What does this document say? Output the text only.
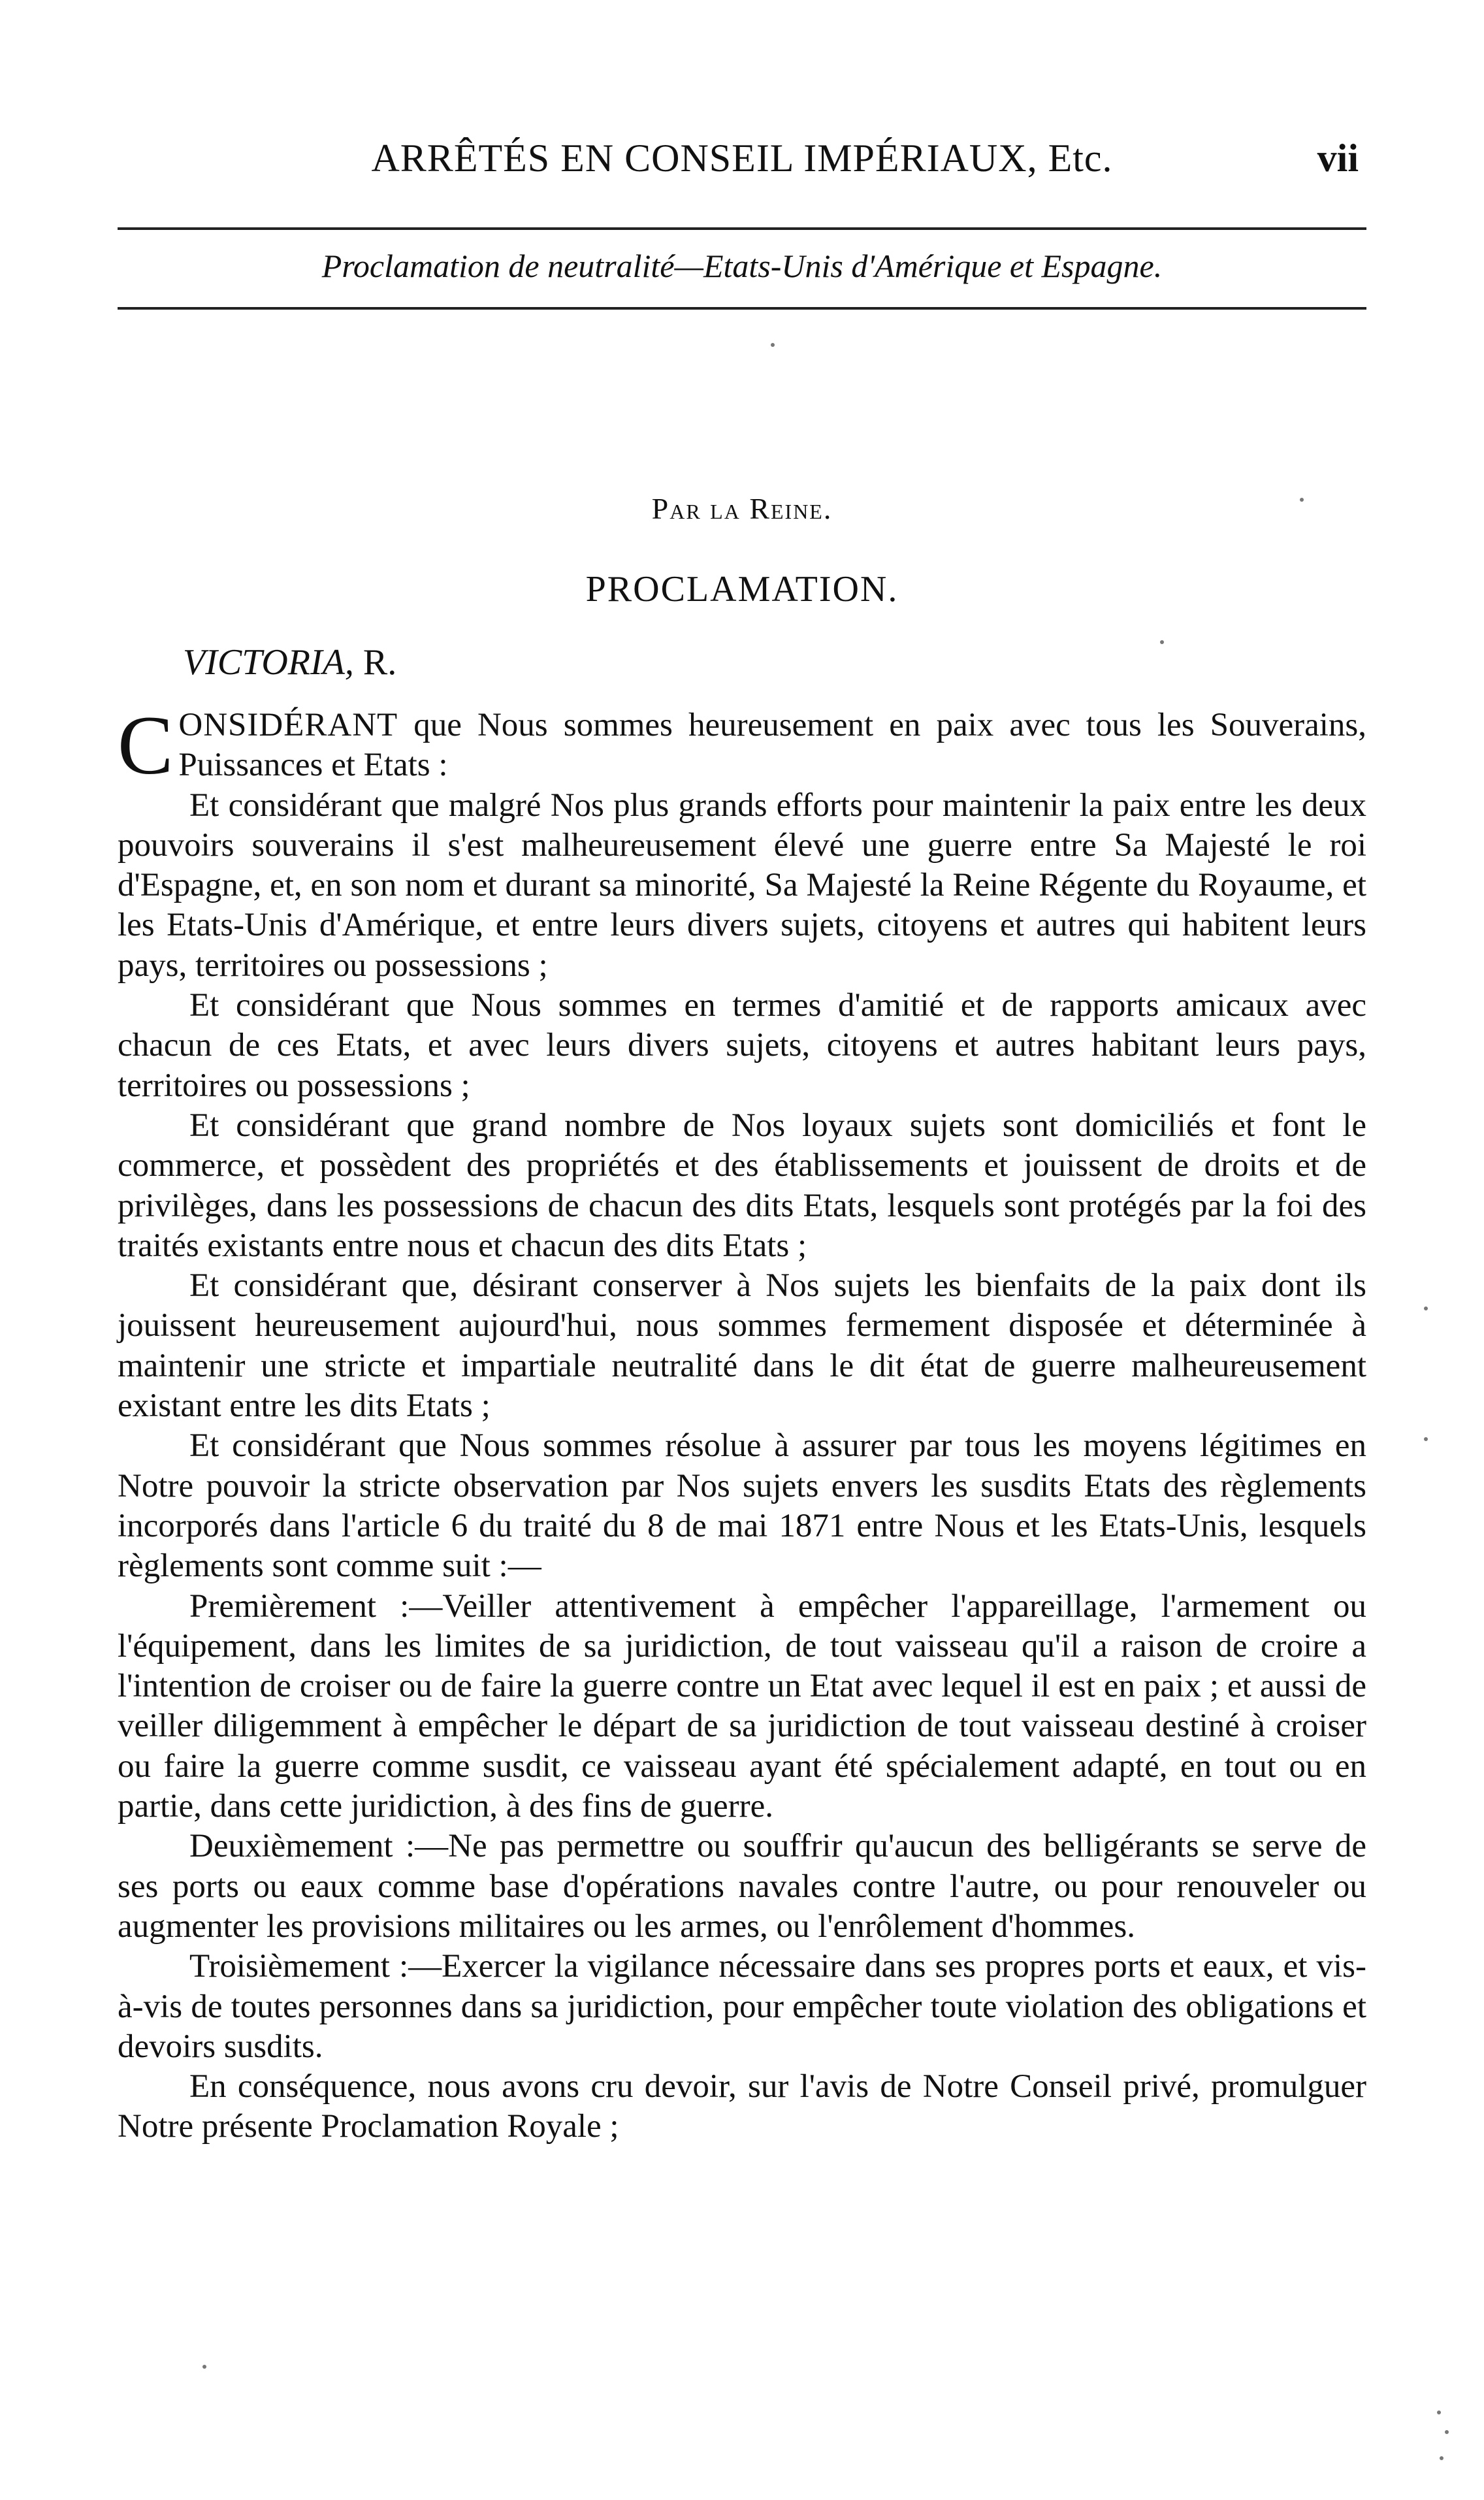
ARRÊTÉS EN CONSEIL IMPÉRIAUX, Etc.	vii
Proclamation de neutralité—Etats-Unis d'Amérique et Espagne.
Par la Reine.
PROCLAMATION.
VICTORIA, R.

CONSIDÉRANT que Nous sommes heureusement en paix avec tous les Souverains, Puissances et Etats :

Et considérant que malgré Nos plus grands efforts pour maintenir la paix entre les deux pouvoirs souverains il s'est malheureusement élevé une guerre entre Sa Majesté le roi d'Espagne, et, en son nom et durant sa minorité, Sa Majesté la Reine Régente du Royaume, et les Etats-Unis d'Amérique, et entre leurs divers sujets, citoyens et autres qui habitent leurs pays, territoires ou possessions ;

Et considérant que Nous sommes en termes d'amitié et de rapports amicaux avec chacun de ces Etats, et avec leurs divers sujets, citoyens et autres habitant leurs pays, territoires ou possessions ;

Et considérant que grand nombre de Nos loyaux sujets sont domiciliés et font le commerce, et possèdent des propriétés et des établissements et jouissent de droits et de privilèges, dans les possessions de chacun des dits Etats, lesquels sont protégés par la foi des traités existants entre nous et chacun des dits Etats ;

Et considérant que, désirant conserver à Nos sujets les bienfaits de la paix dont ils jouissent heureusement aujourd'hui, nous sommes fermement disposée et déterminée à maintenir une stricte et impartiale neutralité dans le dit état de guerre malheureusement existant entre les dits Etats ;

Et considérant que Nous sommes résolue à assurer par tous les moyens légitimes en Notre pouvoir la stricte observation par Nos sujets envers les susdits Etats des règlements incorporés dans l'article 6 du traité du 8 de mai 1871 entre Nous et les Etats-Unis, lesquels règlements sont comme suit :—

Premièrement :—Veiller attentivement à empêcher l'appareillage, l'armement ou l'équipement, dans les limites de sa juridiction, de tout vaisseau qu'il a raison de croire a l'intention de croiser ou de faire la guerre contre un Etat avec lequel il est en paix ; et aussi de veiller diligemment à empêcher le départ de sa juridiction de tout vaisseau destiné à croiser ou faire la guerre comme susdit, ce vaisseau ayant été spécialement adapté, en tout ou en partie, dans cette juridiction, à des fins de guerre.

Deuxièmement :—Ne pas permettre ou souffrir qu'aucun des belligérants se serve de ses ports ou eaux comme base d'opérations navales contre l'autre, ou pour renouveler ou augmenter les provisions militaires ou les armes, ou l'enrôlement d'hommes.

Troisièmement :—Exercer la vigilance nécessaire dans ses propres ports et eaux, et vis-à-vis de toutes personnes dans sa juridiction, pour empêcher toute violation des obligations et devoirs susdits.

En conséquence, nous avons cru devoir, sur l'avis de Notre Conseil privé, promulguer Notre présente Proclamation Royale ;
